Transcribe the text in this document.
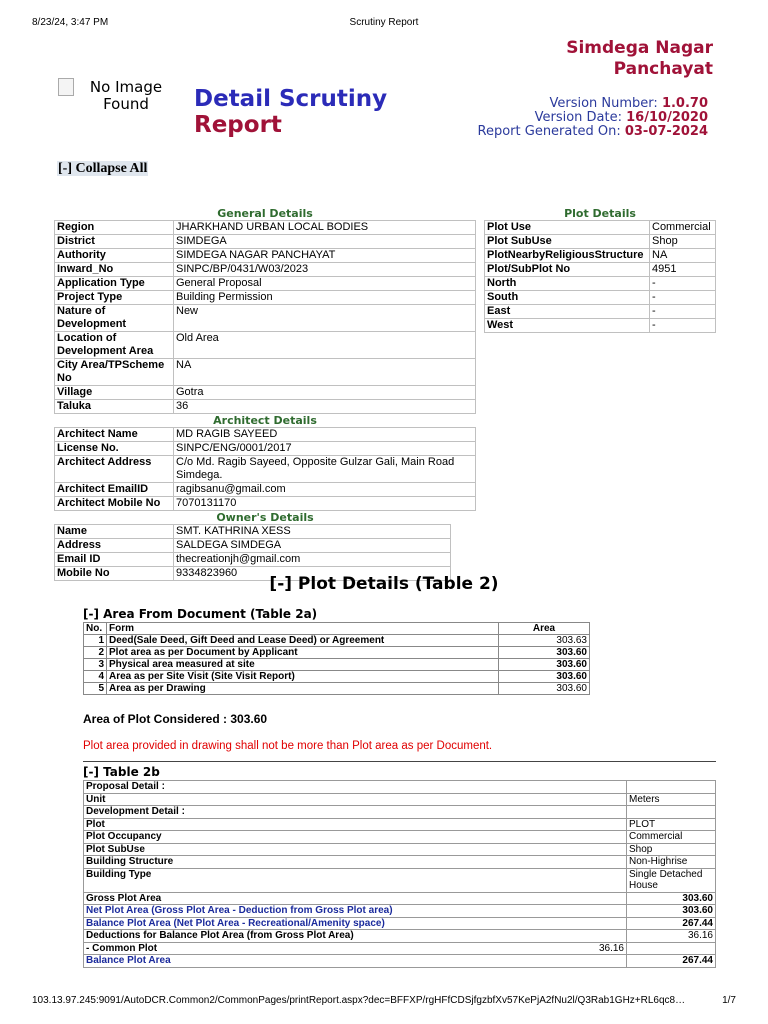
8/23/24, 3:47 PM	Scrutiny Report
Simdega Nagar
Panchayat
No Image
Found	Detail Scrutiny
Report
Version Number: 1.0.70
Version Date: 16/10/2020
Report Generated On: 03-07-2024
[-] Collapse All
General Details
Region	JHARKHAND URBAN LOCAL BODIES
District	SIMDEGA
Authority	SIMDEGA NAGAR PANCHAYAT
Inward_No	SINPC/BP/0431/W03/2023
Application Type	General Proposal
Project Type	Building Permission
Nature of Development	New
Location of Development Area	Old Area
City Area/TPScheme No	NA
Village	Gotra
Taluka	36
Architect Details
Architect Name	MD RAGIB SAYEED
License No.	SINPC/ENG/0001/2017
Architect Address	C/o Md. Ragib Sayeed, Opposite Gulzar Gali, Main Road Simdega.
Architect EmailID	ragibsanu@gmail.com
Architect Mobile No	7070131170
Owner's Details
Name	SMT. KATHRINA XESS
Address	SALDEGA SIMDEGA
Email ID	thecreationjh@gmail.com
Mobile No	9334823960
Plot Details
Plot Use	Commercial
Plot SubUse	Shop
PlotNearbyReligiousStructure	NA
Plot/SubPlot No	4951
North	-
South	-
East	-
West	-
[-] Plot Details (Table 2)
[-] Area From Document (Table 2a)
No.	Form	Area
1	Deed(Sale Deed, Gift Deed and Lease Deed) or Agreement	303.63
2	Plot area as per Document by Applicant	303.60
3	Physical area measured at site	303.60
4	Area as per Site Visit (Site Visit Report)	303.60
5	Area as per Drawing	303.60
Area of Plot Considered : 303.60
Plot area provided in drawing shall not be more than Plot area as per Document.
[-] Table 2b
Proposal Detail :	
Unit	Meters
Development Detail :	
Plot	PLOT
Plot Occupancy	Commercial
Plot SubUse	Shop
Building Structure	Non-Highrise
Building Type	Single Detached House
Gross Plot Area	303.60
Net Plot Area (Gross Plot Area - Deduction from Gross Plot area)	303.60
Balance Plot Area (Net Plot Area - Recreational/Amenity space)	267.44
Deductions for Balance Plot Area (from Gross Plot Area)	36.16
- Common Plot 36.16	

Balance Plot Area	267.44
103.13.97.245:9091/AutoDCR.Common2/CommonPages/printReport.aspx?dec=BFFXP/rgHFfCDSjfgzbfXv57KePjA2fNu2l/Q3Rab1GHz+RL6qc8…	1/7
